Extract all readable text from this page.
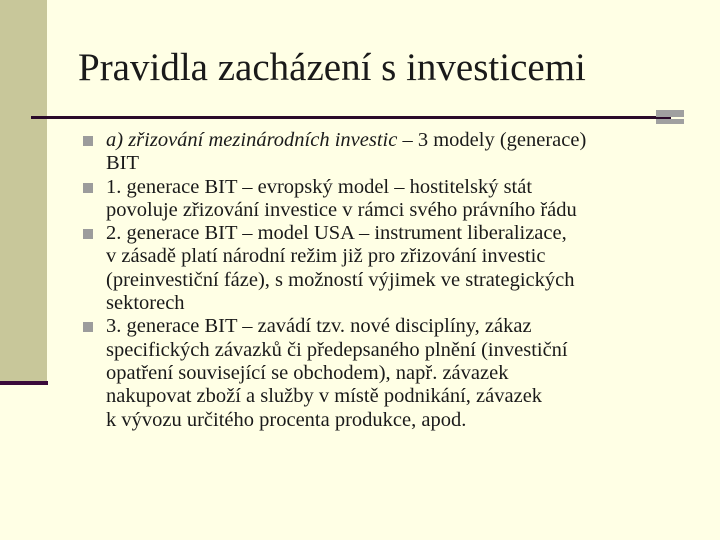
Pravidla zacházení s investicemi
a) zřizování mezinárodních investic – 3 modely (generace)
BIT
1. generace BIT – evropský model – hostitelský stát
povoluje zřizování investice v rámci svého právního řádu
2. generace BIT – model USA – instrument liberalizace,
v zásadě platí národní režim již pro zřizování investic
(preinvestiční fáze), s možností výjimek ve strategických
sektorech
3. generace BIT – zavádí tzv. nové disciplíny, zákaz
specifických závazků či předepsaného plnění (investiční
opatření související se obchodem), např. závazek
nakupovat zboží a služby v místě podnikání, závazek
k vývozu určitého procenta produkce, apod.
